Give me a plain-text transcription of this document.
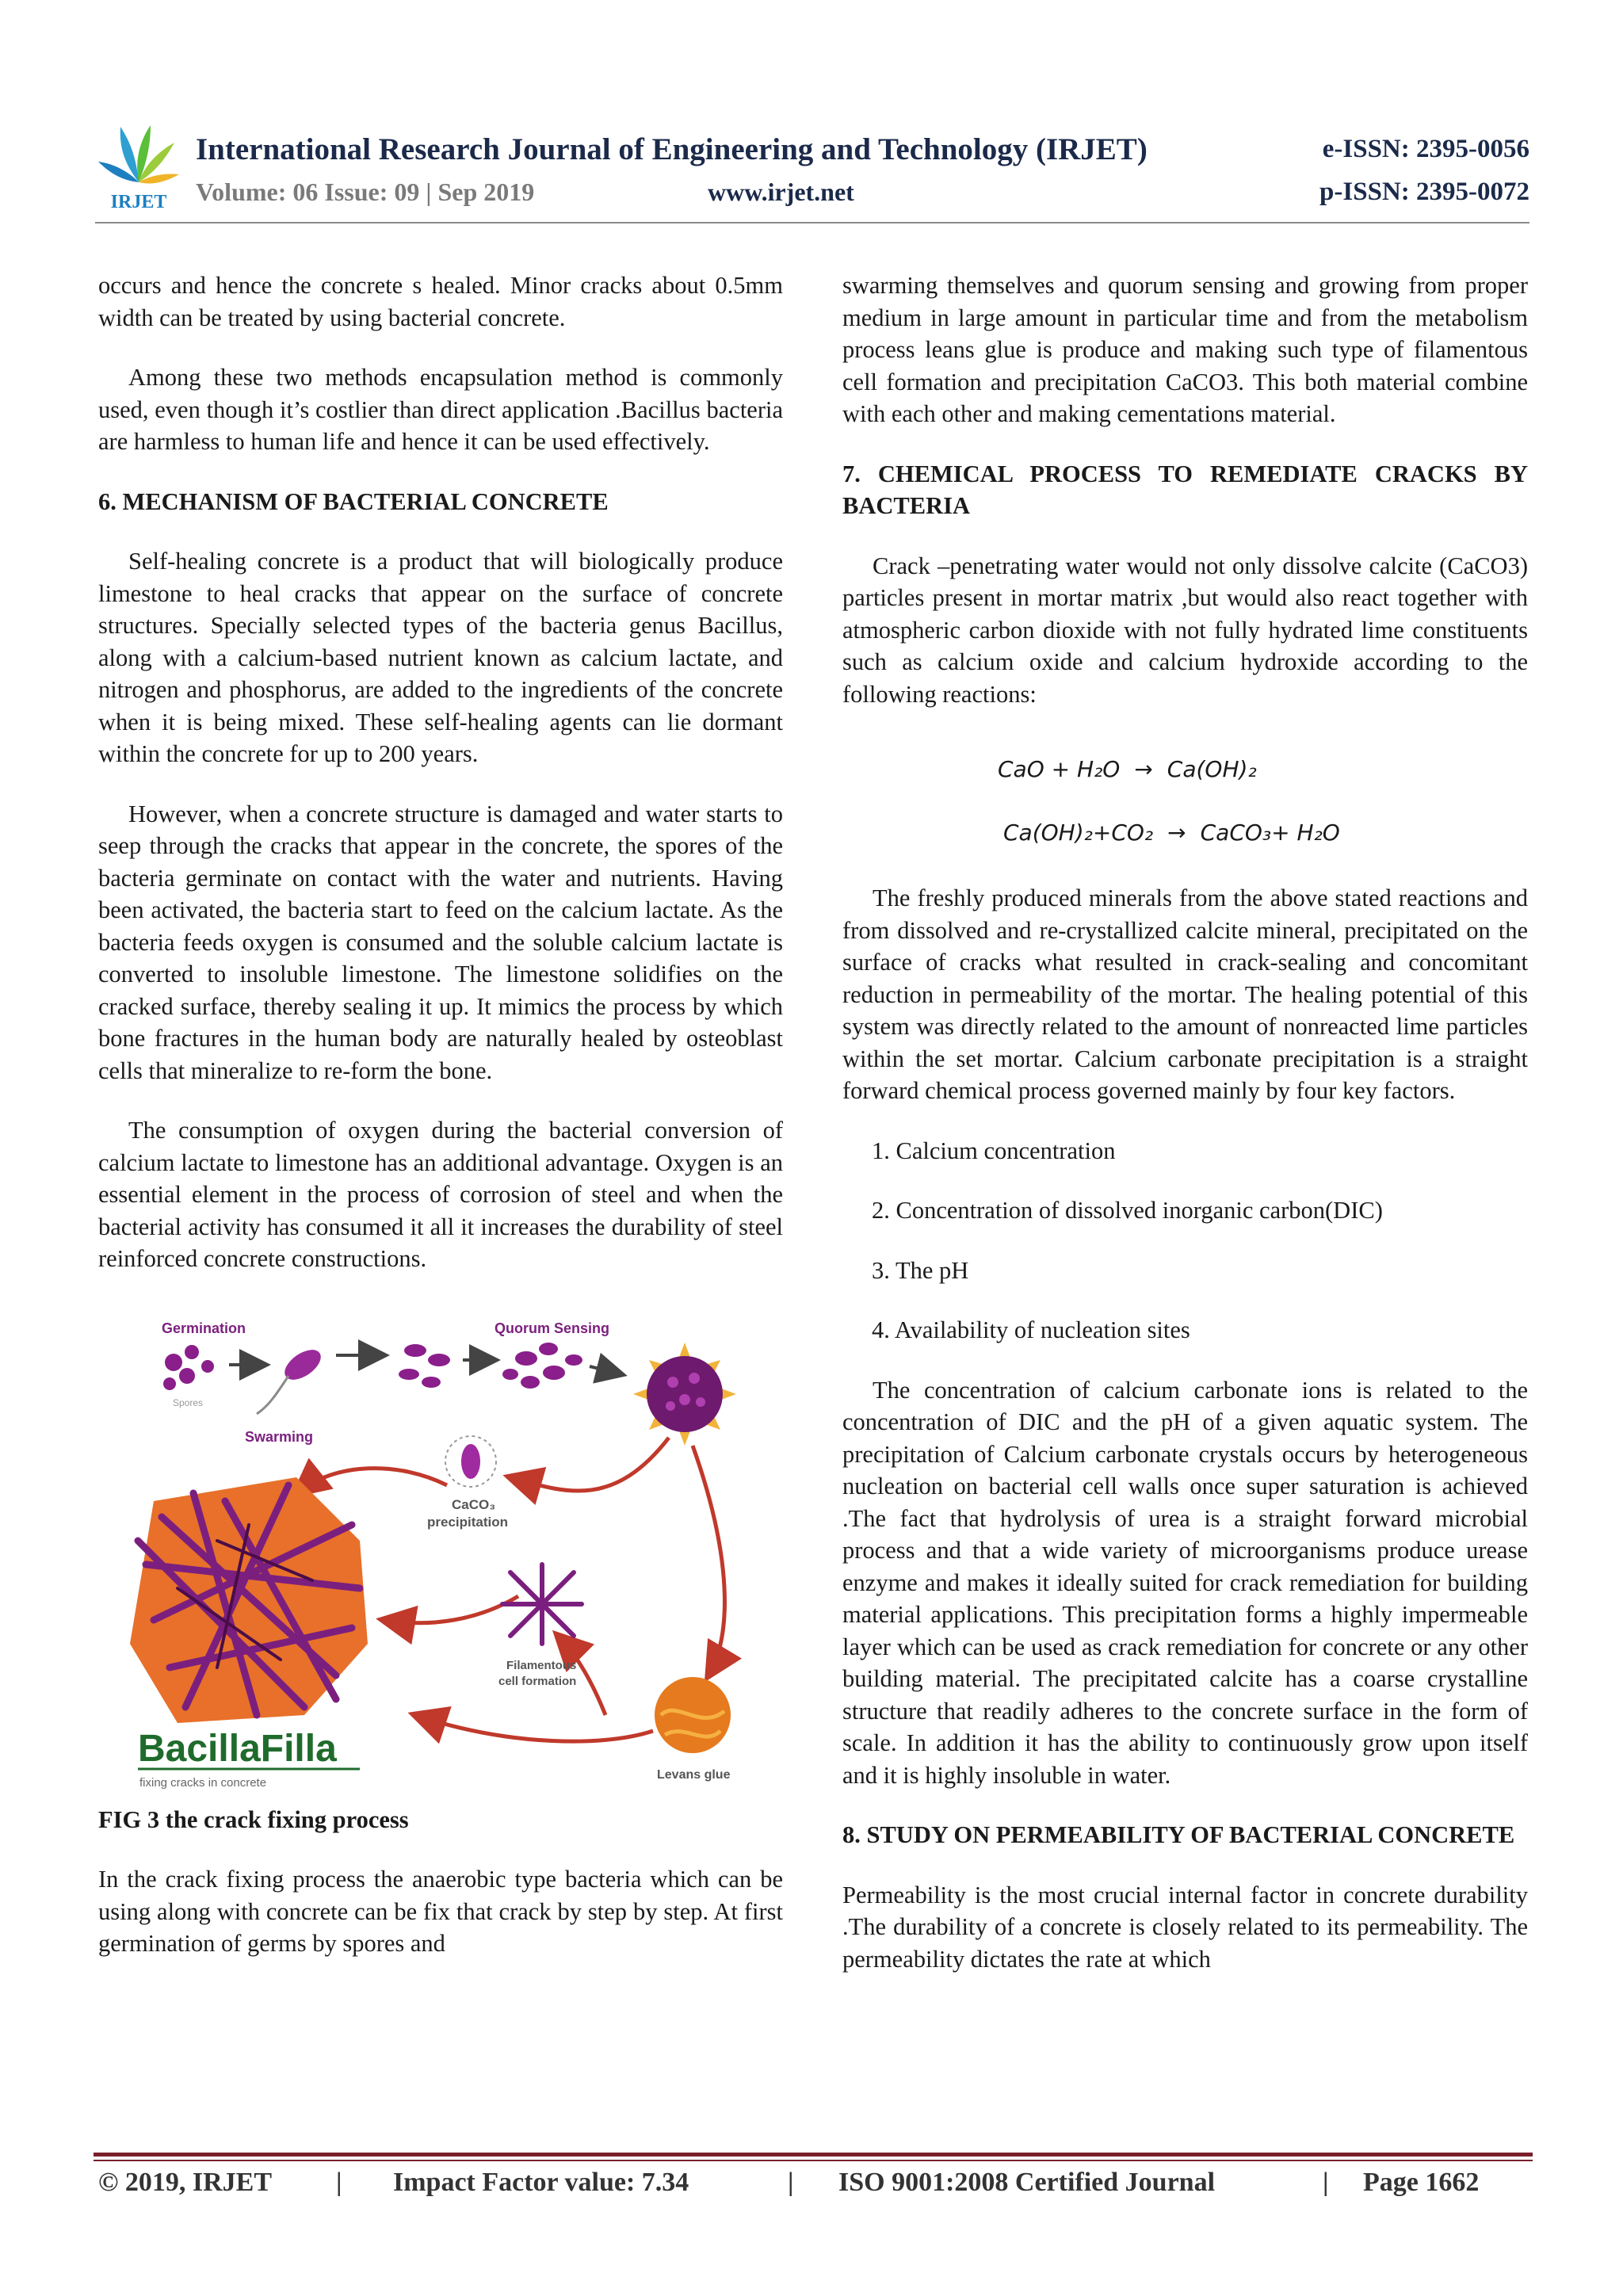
IRJET
International Research Journal of Engineering and Technology (IRJET)	e-ISSN: 2395-0056
Volume: 06 Issue: 09 | Sep 2019	www.irjet.net	p-ISSN: 2395-0072

occurs and hence the concrete s healed. Minor cracks about 0.5mm width can be treated by using bacterial concrete.

Among these two methods encapsulation method is commonly used, even though it’s costlier than direct application .Bacillus bacteria are harmless to human life and hence it can be used effectively.

6. MECHANISM OF BACTERIAL CONCRETE

Self-healing concrete is a product that will biologically produce limestone to heal cracks that appear on the surface of concrete structures. Specially selected types of the bacteria genus Bacillus, along with a calcium-based nutrient known as calcium lactate, and nitrogen and phosphorus, are added to the ingredients of the concrete when it is being mixed. These self-healing agents can lie dormant within the concrete for up to 200 years.

However, when a concrete structure is damaged and water starts to seep through the cracks that appear in the concrete, the spores of the bacteria germinate on contact with the water and nutrients. Having been activated, the bacteria start to feed on the calcium lactate. As the bacteria feeds oxygen is consumed and the soluble calcium lactate is converted to insoluble limestone. The limestone solidifies on the cracked surface, thereby sealing it up. It mimics the process by which bone fractures in the human body are naturally healed by osteoblast cells that mineralize to re-form the bone.

The consumption of oxygen during the bacterial conversion of calcium lactate to limestone has an additional advantage. Oxygen is an essential element in the process of corrosion of steel and when the bacterial activity has consumed it all it increases the durability of steel reinforced concrete constructions.

Germination	Quorum Sensing
Spores
Swarming
CaCO₃
precipitation
Filamentous
cell formation
Levans glue
BacillaFilla
fixing cracks in concrete

FIG 3 the crack fixing process

In the crack fixing process the anaerobic type bacteria which can be using along with concrete can be fix that crack by step by step. At first germination of germs by spores and

swarming themselves and quorum sensing and growing from proper medium in large amount in particular time and from the metabolism process leans glue is produce and making such type of filamentous cell formation and precipitation CaCO3. This both material combine with each other and making cementations material.

7. CHEMICAL PROCESS TO REMEDIATE CRACKS BY BACTERIA

Crack –penetrating water would not only dissolve calcite (CaCO3) particles present in mortar matrix ,but would also react together with atmospheric carbon dioxide with not fully hydrated lime constituents such as calcium oxide and calcium hydroxide according to the following reactions:

CaO + H₂O → Ca(OH)₂
Ca(OH)₂+CO₂ → CaCO₃+ H₂O

The freshly produced minerals from the above stated reactions and from dissolved and re-crystallized calcite mineral, precipitated on the surface of cracks what resulted in crack-sealing and concomitant reduction in permeability of the mortar. The healing potential of this system was directly related to the amount of nonreacted lime particles within the set mortar. Calcium carbonate precipitation is a straight forward chemical process governed mainly by four key factors.

1. Calcium concentration
2. Concentration of dissolved inorganic carbon(DIC)
3. The pH
4. Availability of nucleation sites

The concentration of calcium carbonate ions is related to the concentration of DIC and the pH of a given aquatic system. The precipitation of Calcium carbonate crystals occurs by heterogeneous nucleation on bacterial cell walls once super saturation is achieved .The fact that hydrolysis of urea is a straight forward microbial process and that a wide variety of microorganisms produce urease enzyme and makes it ideally suited for crack remediation for building material applications. This precipitation forms a highly impermeable layer which can be used as crack remediation for concrete or any other building material. The precipitated calcite has a coarse crystalline structure that readily adheres to the concrete surface in the form of scale. In addition it has the ability to continuously grow upon itself and it is highly insoluble in water.

8. STUDY ON PERMEABILITY OF BACTERIAL CONCRETE

Permeability is the most crucial internal factor in concrete durability .The durability of a concrete is closely related to its permeability. The permeability dictates the rate at which

© 2019, IRJET | Impact Factor value: 7.34	| ISO 9001:2008 Certified Journal	| Page 1662
